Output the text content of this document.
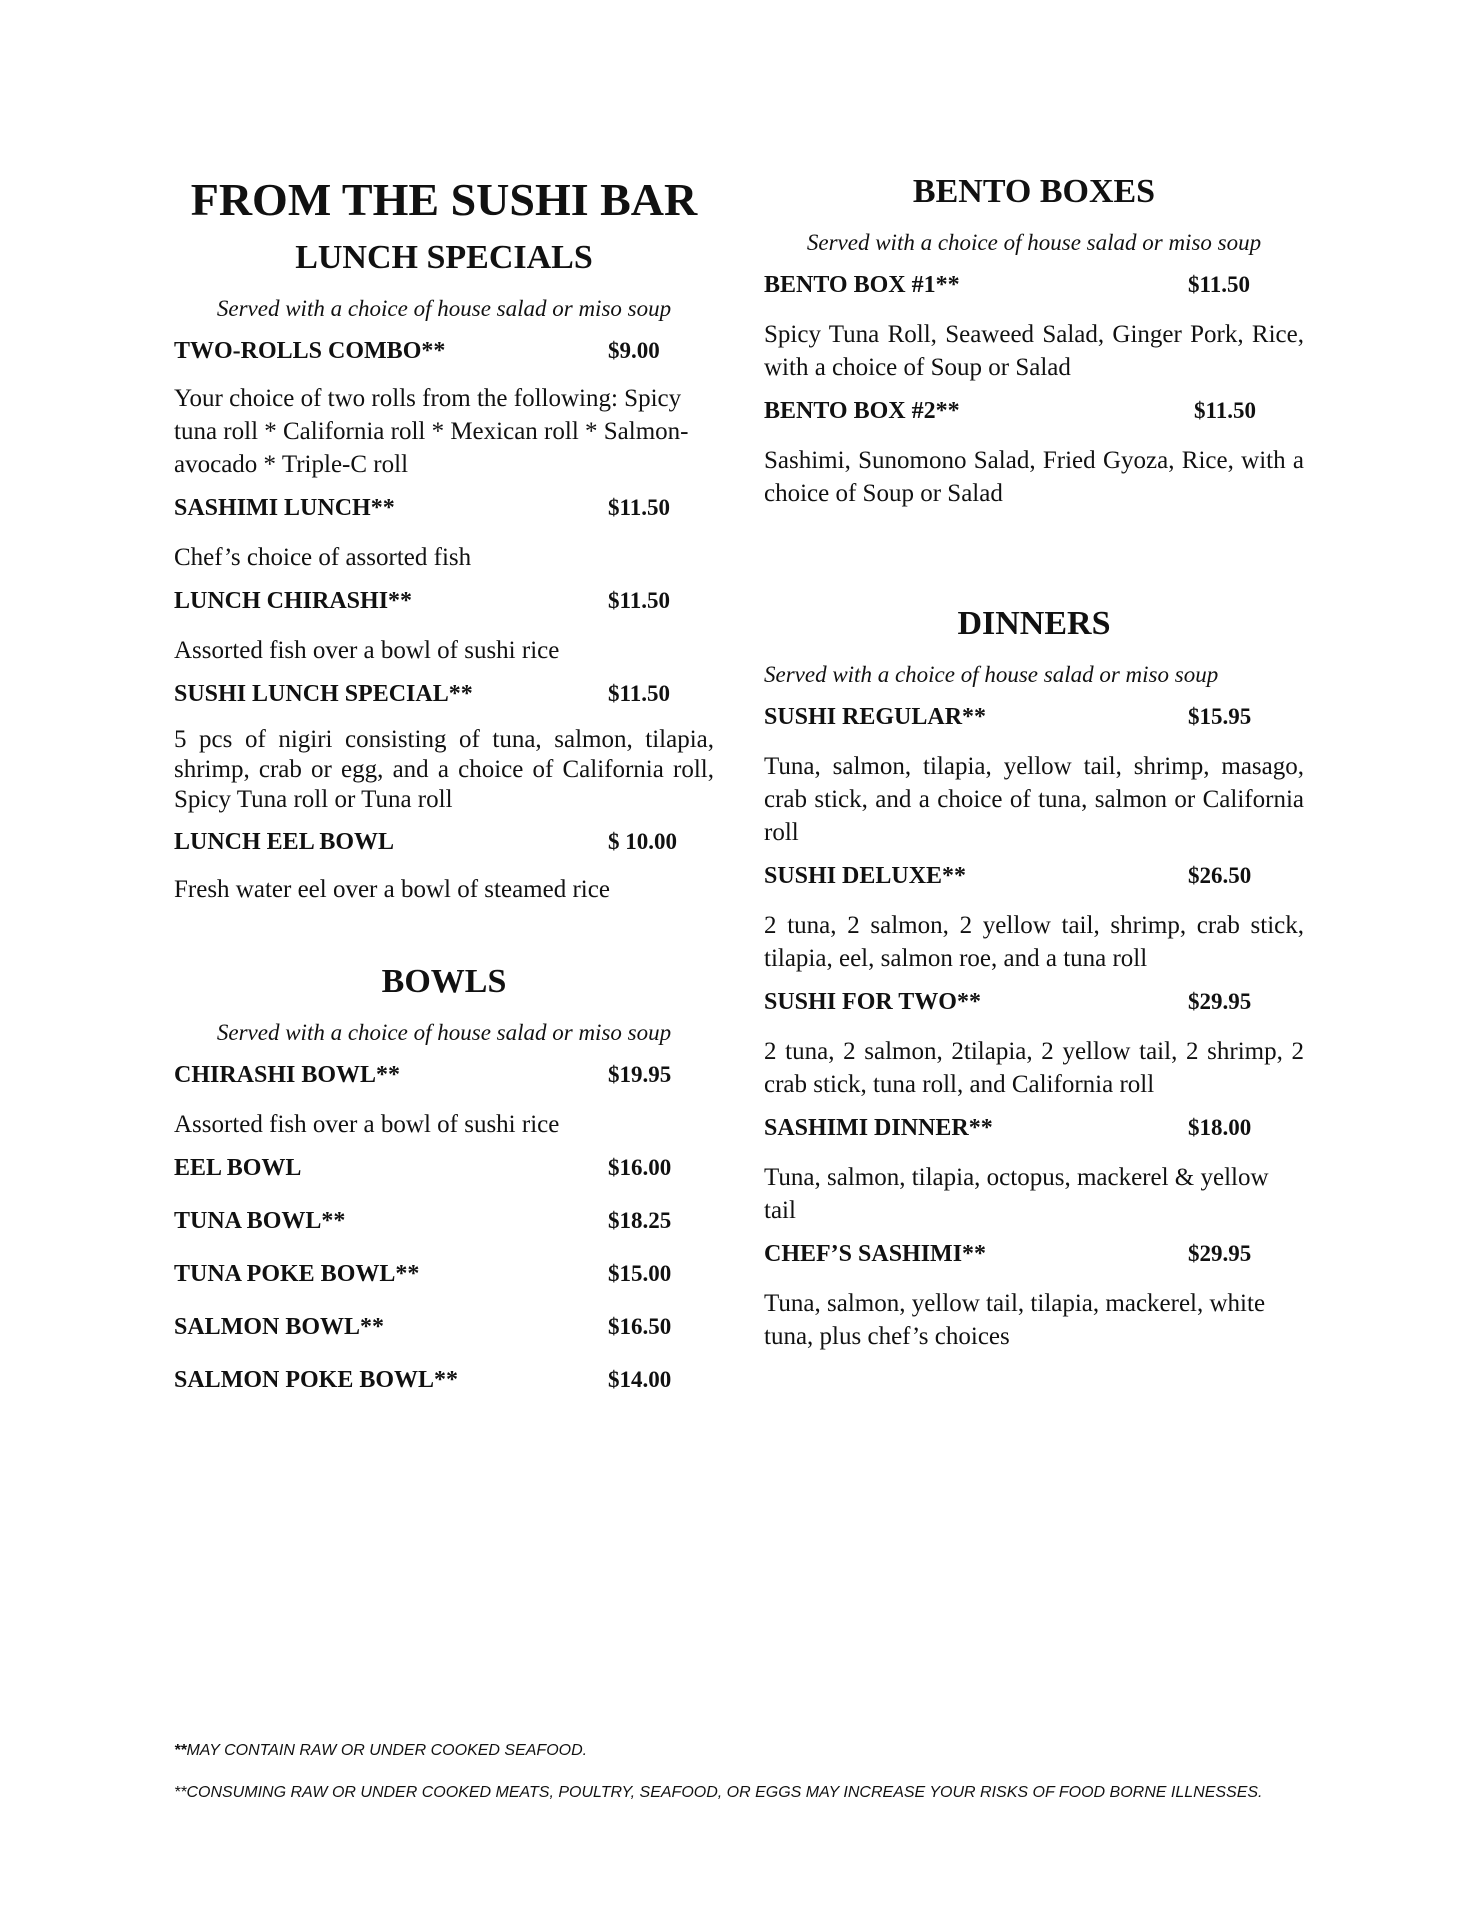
FROM THE SUSHI BAR
LUNCH SPECIALS

Served with a choice of house salad or miso soup

TWO-ROLLS COMBO**	$9.00

Your choice of two rolls from the following: Spicy tuna roll * California roll * Mexican roll * Salmon-avocado * Triple-C roll

SASHIMI LUNCH**	$11.50

Chef’s choice of assorted fish

LUNCH CHIRASHI**	$11.50

Assorted fish over a bowl of sushi rice

SUSHI LUNCH SPECIAL**	$11.50

5 pcs of nigiri consisting of tuna, salmon, tilapia, shrimp, crab or egg, and a choice of California roll, Spicy Tuna roll or Tuna roll

LUNCH EEL BOWL	$ 10.00

Fresh water eel over a bowl of steamed rice

BOWLS

Served with a choice of house salad or miso soup

CHIRASHI BOWL**	$19.95

Assorted fish over a bowl of sushi rice

EEL BOWL	$16.00
TUNA BOWL**	$18.25
TUNA POKE BOWL**	$15.00
SALMON BOWL**	$16.50
SALMON POKE BOWL**	$14.00
BENTO BOXES

Served with a choice of house salad or miso soup

BENTO BOX #1**	$11.50

Spicy Tuna Roll, Seaweed Salad, Ginger Pork, Rice, with a choice of Soup or Salad

BENTO BOX #2**	$11.50

Sashimi, Sunomono Salad, Fried Gyoza, Rice, with a choice of Soup or Salad

DINNERS

Served with a choice of house salad or miso soup

SUSHI REGULAR**	$15.95

Tuna, salmon, tilapia, yellow tail, shrimp, masago, crab stick, and a choice of tuna, salmon or California roll

SUSHI DELUXE**	$26.50

2 tuna, 2 salmon, 2 yellow tail, shrimp, crab stick, tilapia, eel, salmon roe, and a tuna roll

SUSHI FOR TWO**	$29.95

2 tuna, 2 salmon, 2tilapia, 2 yellow tail, 2 shrimp, 2 crab stick, tuna roll, and California roll

SASHIMI DINNER**	$18.00

Tuna, salmon, tilapia, octopus, mackerel & yellow tail

CHEF’S SASHIMI**	$29.95

Tuna, salmon, yellow tail, tilapia, mackerel, white tuna, plus chef’s choices

**MAY CONTAIN RAW OR UNDER COOKED SEAFOOD.

**CONSUMING RAW OR UNDER COOKED MEATS, POULTRY, SEAFOOD, OR EGGS MAY INCREASE YOUR RISKS OF FOOD BORNE ILLNESSES.
